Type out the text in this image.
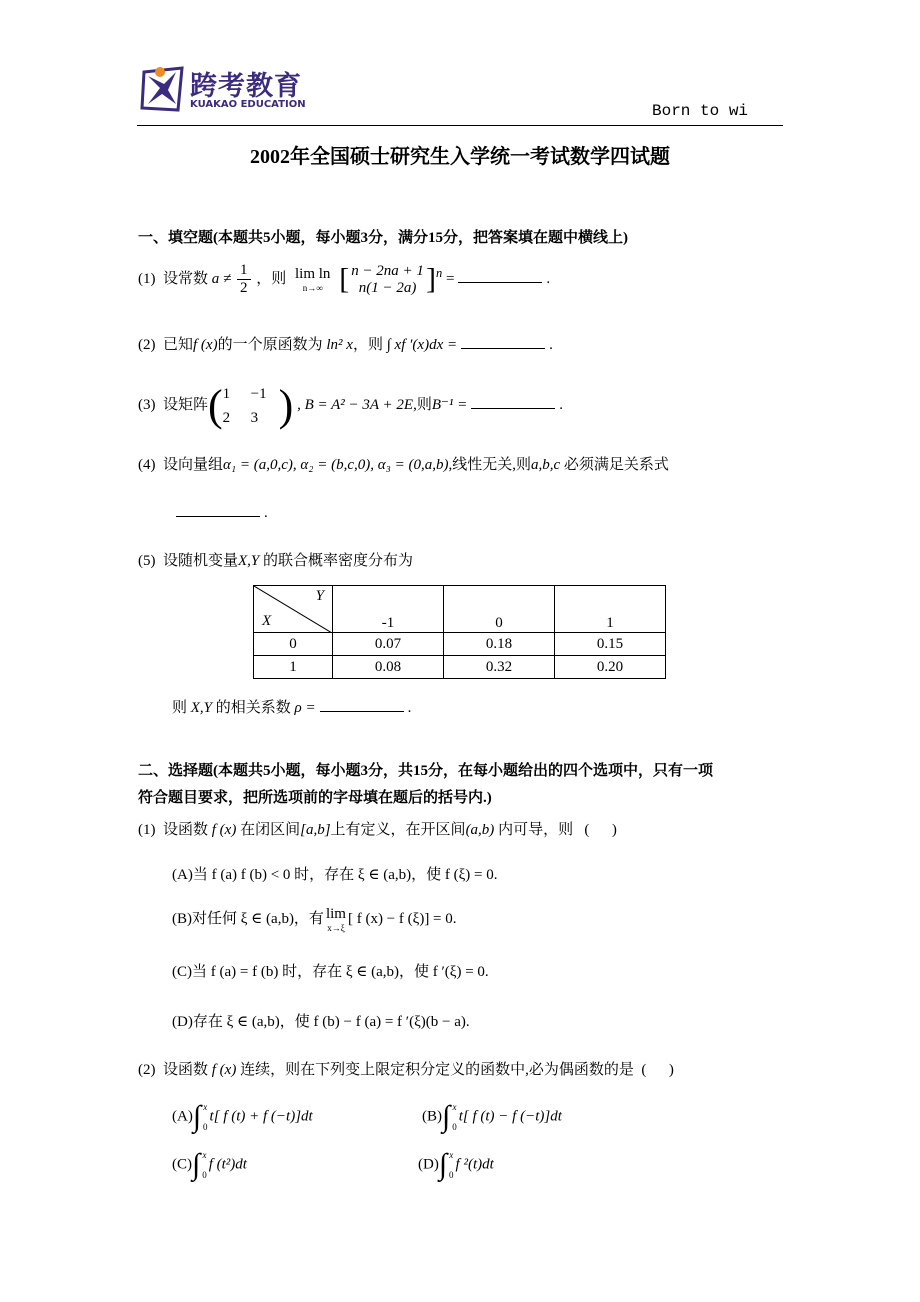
跨考教育
KUAKAO EDUCATION	Born to wi
2002年全国硕士研究生入学统一考试数学四试题
一、填空题(本题共5小题，每小题3分，满分15分，把答案填在题中横线上)
(1) 设常数 $a \ne \frac{1}{2}$ ，则 lim ln
n→∞ [ n − 2na + 1
n(1 − 2a) ]$^n$ =	.
(2) 已知f (x)的一个原函数为 ln² x，则 ∫ xf ′(x)dx =	.
(3) 设矩阵( 1	−1
2	3 ) , B = A² − 3A + 2E,则B⁻¹ =	.
(4) 设向量组α₁ = (a,0,c), α₂ = (b,c,0), α₃ = (0,a,b),线性无关,则a,b,c 必须满足关系式
.
(5) 设随机变量X,Y 的联合概率密度分布为
Y
X	-1	0	1
0	0.07	0.18	0.15
1	0.08	0.32	0.20
则 X,Y 的相关系数 ρ =	.
二、选择题(本题共5小题，每小题3分，共15分，在每小题给出的四个选项中，只有一项
符合题目要求，把所选项前的字母填在题后的括号内.)
(1) 设函数 f (x) 在闭区间[a,b]上有定义，在开区间(a,b) 内可导，则 (      )
(A)当 f (a) f (b) < 0 时，存在 ξ ∈ (a,b)，使 f (ξ) = 0.
(B)对任何 ξ ∈ (a,b)，有 lim
x→ξ
[ f (x) − f (ξ)] = 0.
(C)当 f (a) = f (b) 时，存在 ξ ∈ (a,b)，使 f ′(ξ) = 0.
(D)存在 ξ ∈ (a,b)，使 f (b) − f (a) = f ′(ξ)(b − a).
(2) 设函数 f (x) 连续，则在下列变上限定积分定义的函数中,必为偶函数的是 (      )
(A)∫ x

0
t[ f (t) + f (−t)]dt	(B)∫ x

0
t[ f (t) − f (−t)]dt
(C)∫ x

0
f (t²)dt	(D)∫ x

0
f ²(t)dt
